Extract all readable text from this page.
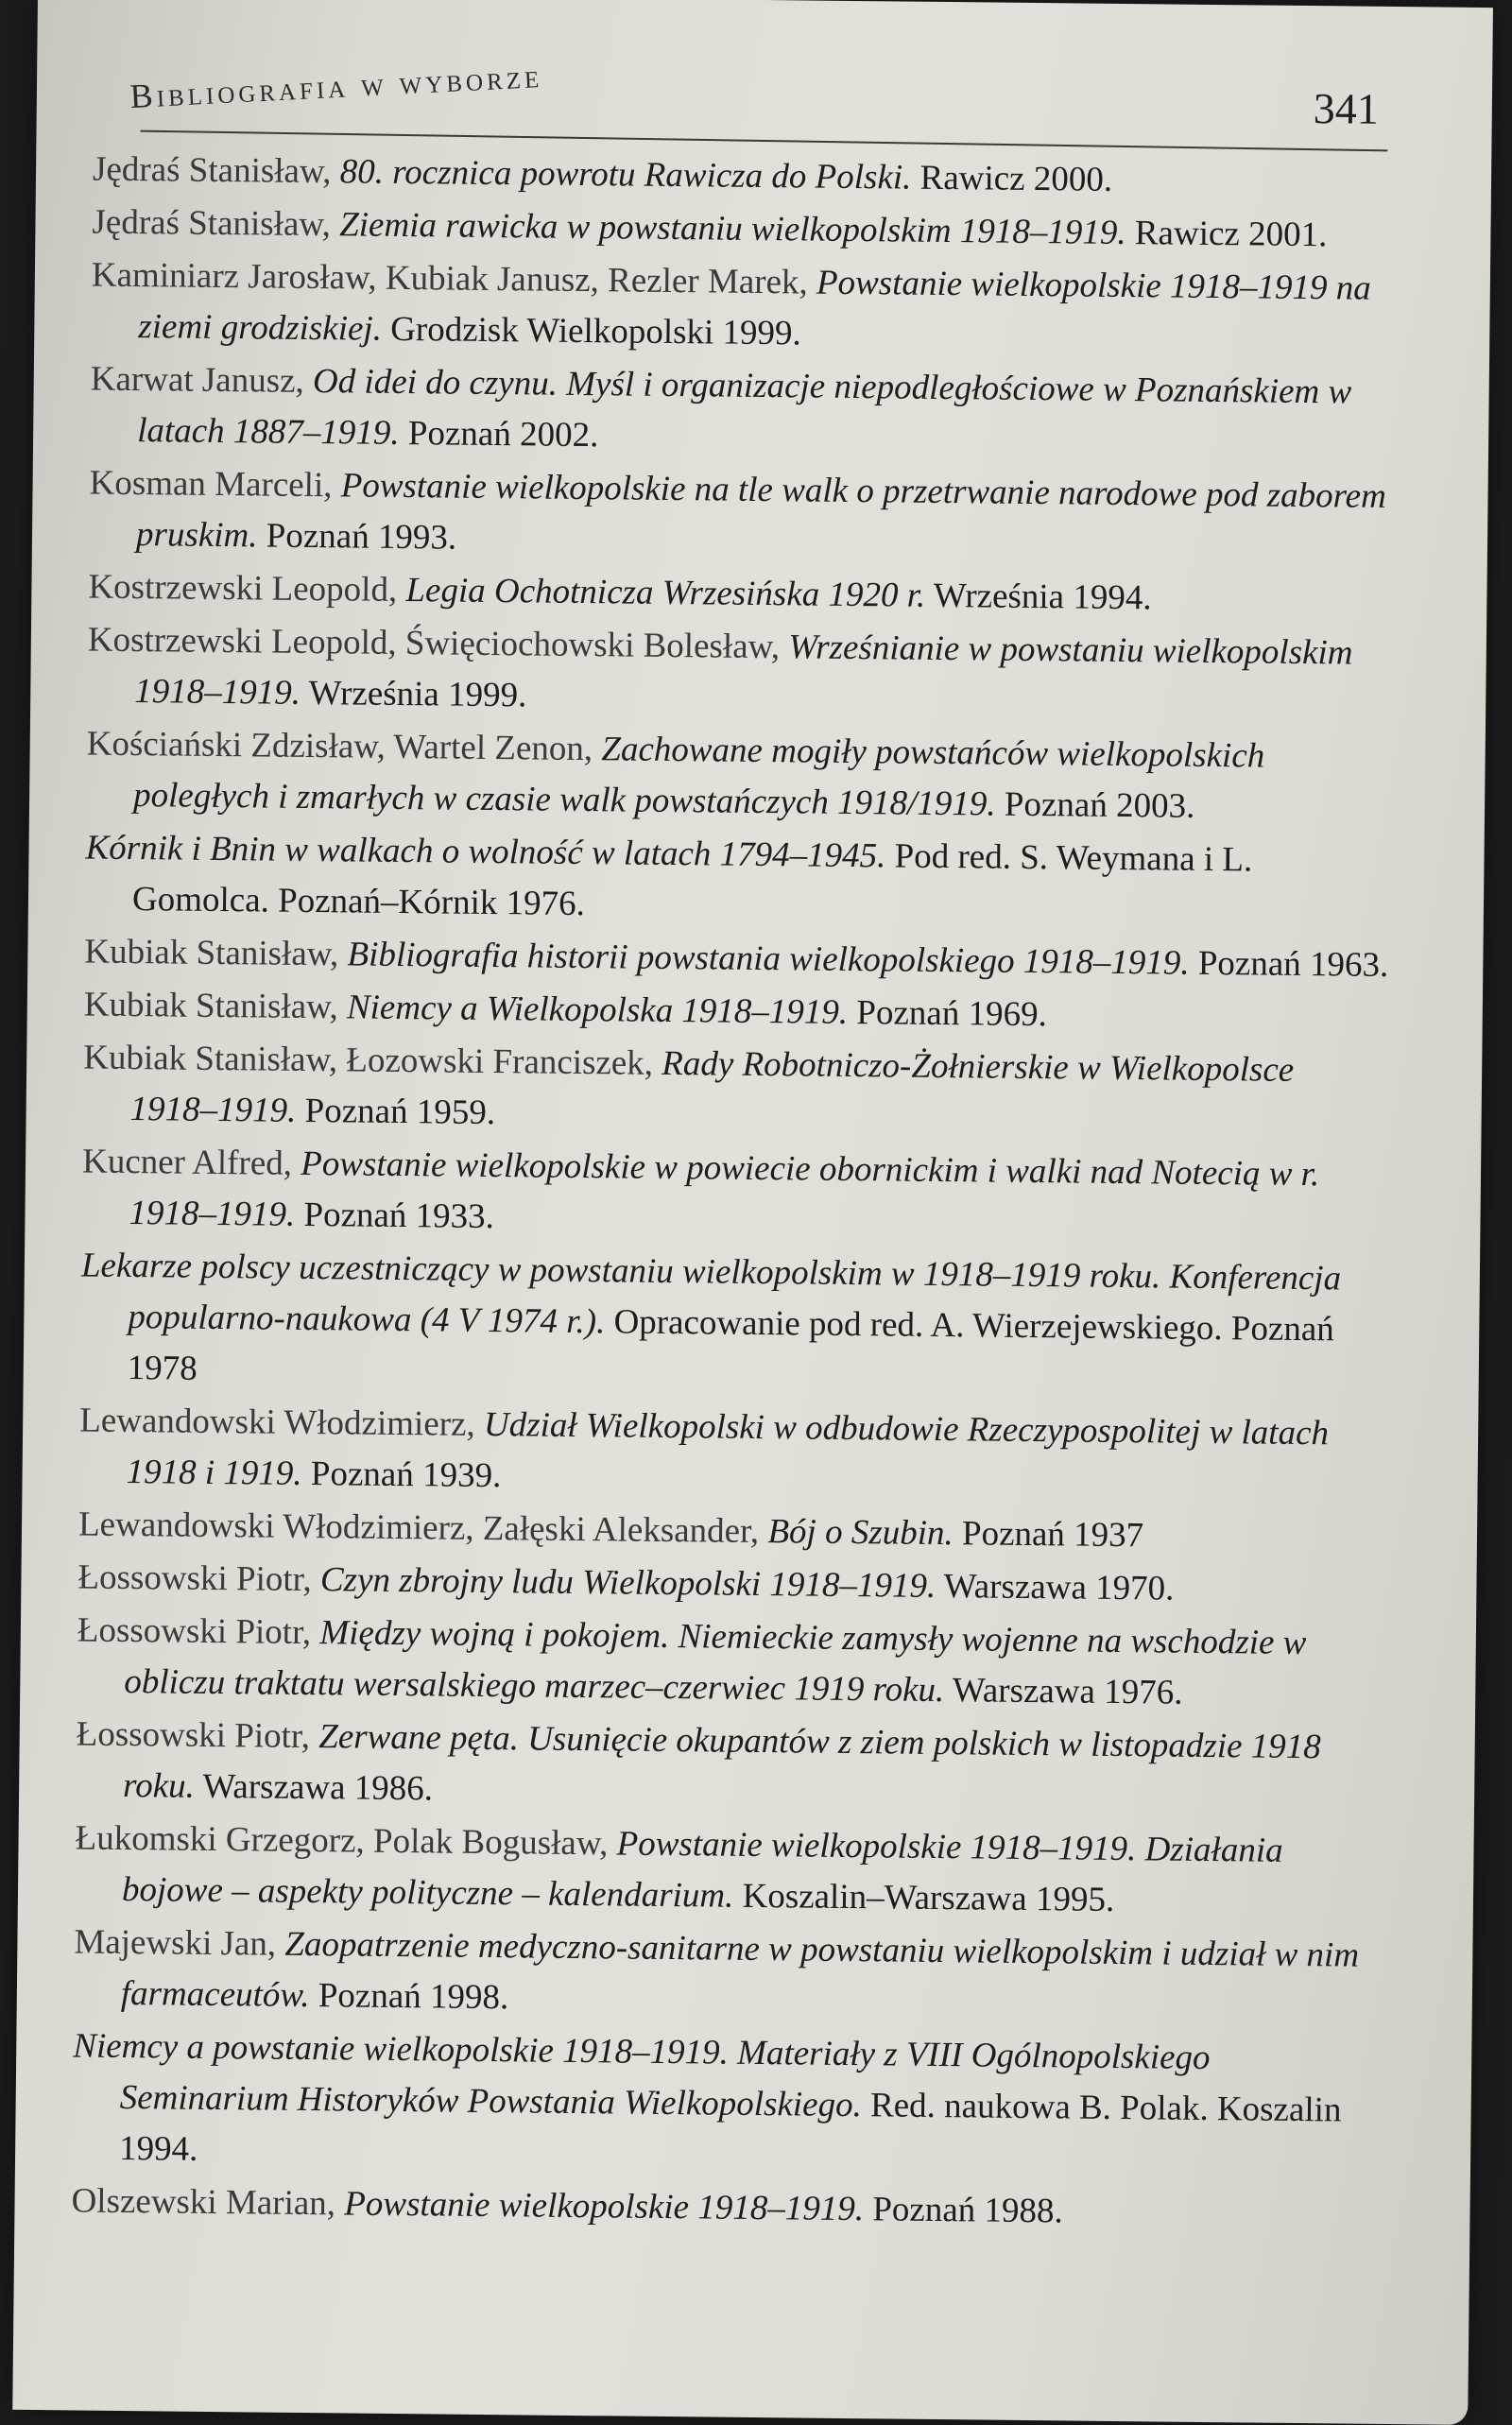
Bibliografia w wyborze	341
Jędraś Stanisław, 80. rocznica powrotu Rawicza do Polski. Rawicz 2000.
Jędraś Stanisław, Ziemia rawicka w powstaniu wielkopolskim 1918–1919. Rawicz 2001.
Kaminiarz Jarosław, Kubiak Janusz, Rezler Marek, Powstanie wielkopolskie 1918–1919 na ziemi grodziskiej. Grodzisk Wielkopolski 1999.
Karwat Janusz, Od idei do czynu. Myśl i organizacje niepodległościowe w Poznańskiem w latach 1887–1919. Poznań 2002.
Kosman Marceli, Powstanie wielkopolskie na tle walk o przetrwanie narodowe pod zaborem pruskim. Poznań 1993.
Kostrzewski Leopold, Legia Ochotnicza Wrzesińska 1920 r. Września 1994.
Kostrzewski Leopold, Święciochowski Bolesław, Wrześnianie w powstaniu wielkopolskim 1918–1919. Września 1999.
Kościański Zdzisław, Wartel Zenon, Zachowane mogiły powstańców wielkopolskich poległych i zmarłych w czasie walk powstańczych 1918/1919. Poznań 2003.
Kórnik i Bnin w walkach o wolność w latach 1794–1945. Pod red. S. Weymana i L. Gomolca. Poznań–Kórnik 1976.
Kubiak Stanisław, Bibliografia historii powstania wielkopolskiego 1918–1919. Poznań 1963.
Kubiak Stanisław, Niemcy a Wielkopolska 1918–1919. Poznań 1969.
Kubiak Stanisław, Łozowski Franciszek, Rady Robotniczo-Żołnierskie w Wielkopolsce 1918–1919. Poznań 1959.
Kucner Alfred, Powstanie wielkopolskie w powiecie obornickim i walki nad Notecią w r. 1918–1919. Poznań 1933.
Lekarze polscy uczestniczący w powstaniu wielkopolskim w 1918–1919 roku. Konferencja popularno-naukowa (4 V 1974 r.). Opracowanie pod red. A. Wierzejewskiego. Poznań 1978
Lewandowski Włodzimierz, Udział Wielkopolski w odbudowie Rzeczypospolitej w latach 1918 i 1919. Poznań 1939.
Lewandowski Włodzimierz, Załęski Aleksander, Bój o Szubin. Poznań 1937
Łossowski Piotr, Czyn zbrojny ludu Wielkopolski 1918–1919. Warszawa 1970.
Łossowski Piotr, Między wojną i pokojem. Niemieckie zamysły wojenne na wschodzie w obliczu traktatu wersalskiego marzec–czerwiec 1919 roku. Warszawa 1976.
Łossowski Piotr, Zerwane pęta. Usunięcie okupantów z ziem polskich w listopadzie 1918 roku. Warszawa 1986.
Łukomski Grzegorz, Polak Bogusław, Powstanie wielkopolskie 1918–1919. Działania bojowe – aspekty polityczne – kalendarium. Koszalin–Warszawa 1995.
Majewski Jan, Zaopatrzenie medyczno-sanitarne w powstaniu wielkopolskim i udział w nim farmaceutów. Poznań 1998.
Niemcy a powstanie wielkopolskie 1918–1919. Materiały z VIII Ogólnopolskiego Seminarium Historyków Powstania Wielkopolskiego. Red. naukowa B. Polak. Koszalin 1994.
Olszewski Marian, Powstanie wielkopolskie 1918–1919. Poznań 1988.
